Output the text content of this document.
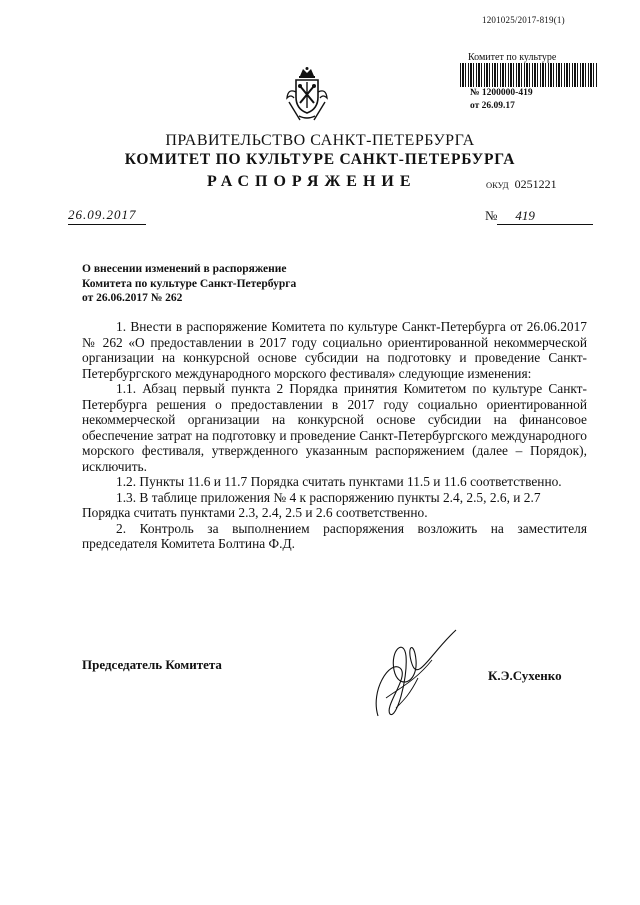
1201025/2017-819(1)
Комитет по культуре
№ 1200000-419
от 26.09.17
ПРАВИТЕЛЬСТВО САНКТ-ПЕТЕРБУРГА
КОМИТЕТ ПО КУЛЬТУРЕ САНКТ-ПЕТЕРБУРГА
РАСПОРЯЖЕНИЕ	ОКУД 0251221
26.09.2017	№ 419
О внесении изменений в распоряжение
Комитета по культуре Санкт-Петербурга
от 26.06.2017 № 262

1. Внести в распоряжение Комитета по культуре Санкт-Петербурга от 26.06.2017 № 262 «О предоставлении в 2017 году социально ориентированной некоммерческой организации на конкурсной основе субсидии на подготовку и проведение Санкт-Петербургского международного морского фестиваля» следующие изменения:

1.1. Абзац первый пункта 2 Порядка принятия Комитетом по культуре Санкт-Петербурга решения о предоставлении в 2017 году социально ориентированной некоммерческой организации на конкурсной основе субсидии на финансовое обеспечение затрат на подготовку и проведение Санкт-Петербургского международного морского фестиваля, утвержденного указанным распоряжением (далее – Порядок), исключить.

1.2. Пункты 11.6 и 11.7 Порядка считать пунктами 11.5 и 11.6 соответственно.

1.3. В таблице приложения № 4 к распоряжению пункты 2.4, 2.5, 2.6, и 2.7 Порядка считать пунктами 2.3, 2.4, 2.5 и 2.6 соответственно.

2. Контроль за выполнением распоряжения возложить на заместителя председателя Комитета Болтина Ф.Д.

Председатель Комитета
К.Э.Сухенко
